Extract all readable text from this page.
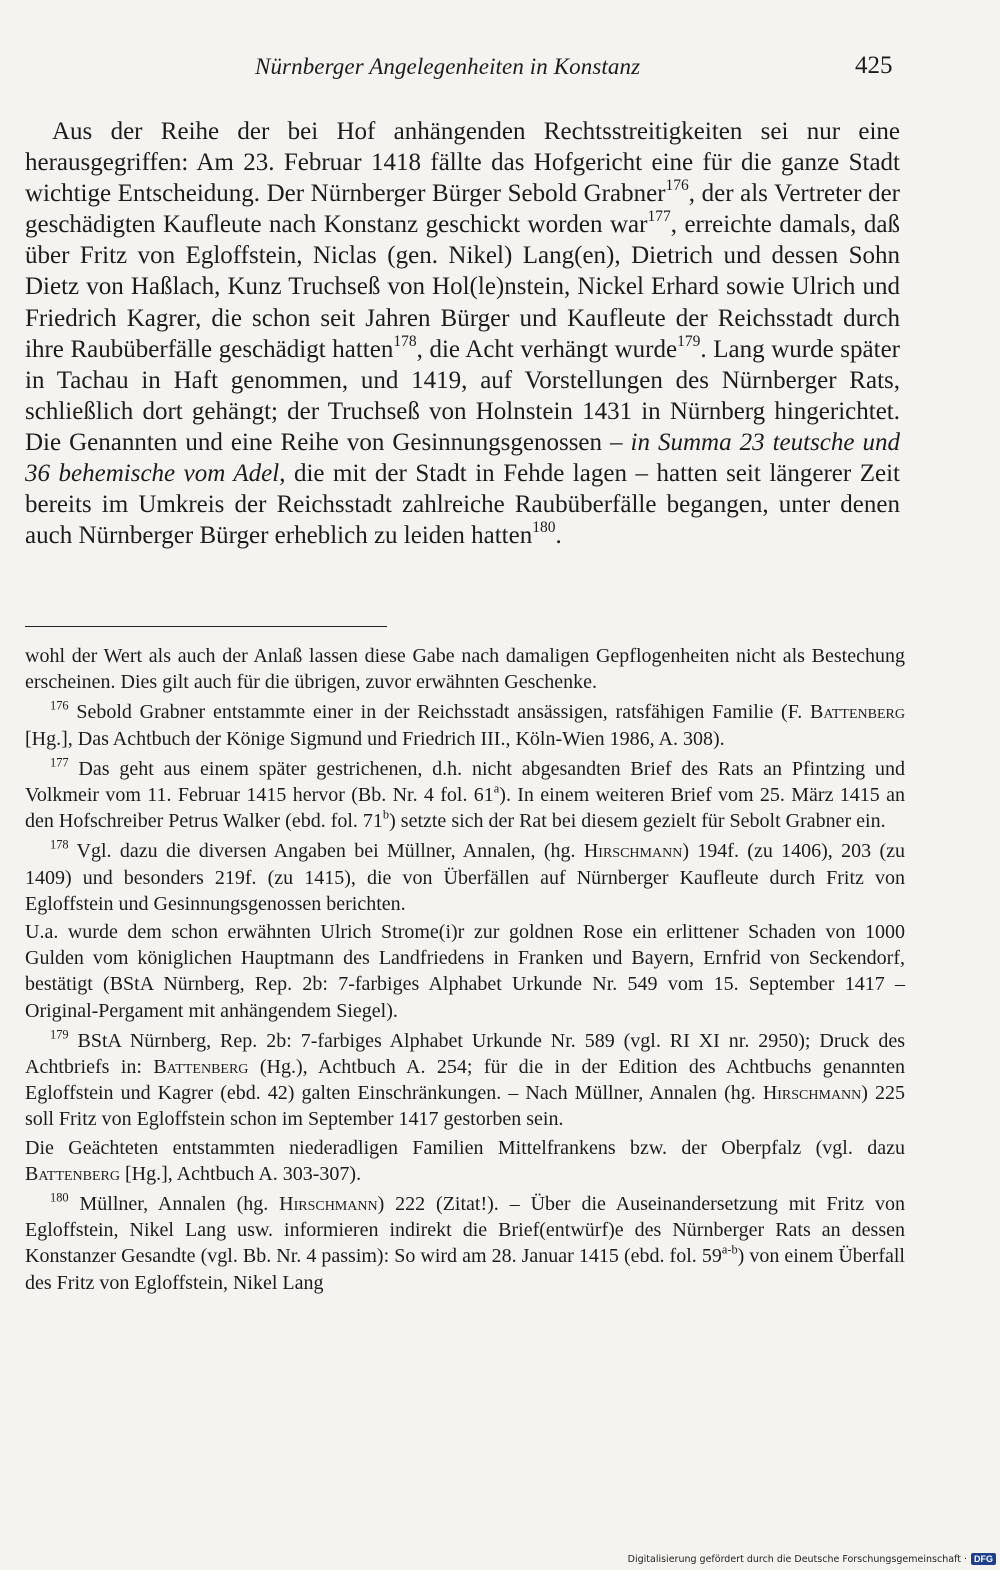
Nürnberger Angelegenheiten in Konstanz	425

Aus der Reihe der bei Hof anhängenden Rechtsstreitigkeiten sei nur eine herausgegriffen: Am 23. Februar 1418 fällte das Hofgericht eine für die ganze Stadt wichtige Entscheidung. Der Nürnberger Bürger Sebold Grabner$^{176}$, der als Vertreter der geschädigten Kaufleute nach Konstanz geschickt worden war$^{177}$, erreichte damals, daß über Fritz von Egloffstein, Niclas (gen. Nikel) Lang(en), Dietrich und dessen Sohn Dietz von Haßlach, Kunz Truchseß von Hol(le)nstein, Nickel Erhard sowie Ulrich und Friedrich Kagrer, die schon seit Jahren Bürger und Kaufleute der Reichsstadt durch ihre Raubüberfälle geschädigt hatten$^{178}$, die Acht verhängt wurde$^{179}$. Lang wurde später in Tachau in Haft genommen, und 1419, auf Vorstellungen des Nürnberger Rats, schließlich dort gehängt; der Truchseß von Holnstein 1431 in Nürnberg hingerichtet. Die Genannten und eine Reihe von Gesinnungsgenossen – in Summa 23 teutsche und 36 behemische vom Adel, die mit der Stadt in Fehde lagen – hatten seit längerer Zeit bereits im Umkreis der Reichsstadt zahlreiche Raubüberfälle begangen, unter denen auch Nürnberger Bürger erheblich zu leiden hatten$^{180}$.

wohl der Wert als auch der Anlaß lassen diese Gabe nach damaligen Gepflogenheiten nicht als Bestechung erscheinen. Dies gilt auch für die übrigen, zuvor erwähnten Geschenke.

$^{176}$ Sebold Grabner entstammte einer in der Reichsstadt ansässigen, ratsfähigen Familie (F. Battenberg [Hg.], Das Achtbuch der Könige Sigmund und Friedrich III., Köln-Wien 1986, A. 308).

$^{177}$ Das geht aus einem später gestrichenen, d.h. nicht abgesandten Brief des Rats an Pfintzing und Volkmeir vom 11. Februar 1415 hervor (Bb. Nr. 4 fol. 61$^a$). In einem weiteren Brief vom 25. März 1415 an den Hofschreiber Petrus Walker (ebd. fol. 71$^b$) setzte sich der Rat bei diesem gezielt für Sebolt Grabner ein.

$^{178}$ Vgl. dazu die diversen Angaben bei Müllner, Annalen, (hg. Hirschmann) 194f. (zu 1406), 203 (zu 1409) und besonders 219f. (zu 1415), die von Überfällen auf Nürnberger Kaufleute durch Fritz von Egloffstein und Gesinnungsgenossen berichten.

U.a. wurde dem schon erwähnten Ulrich Strome(i)r zur goldnen Rose ein erlittener Schaden von 1000 Gulden vom königlichen Hauptmann des Landfriedens in Franken und Bayern, Ernfrid von Seckendorf, bestätigt (BStA Nürnberg, Rep. 2b: 7-farbiges Alphabet Urkunde Nr. 549 vom 15. September 1417 – Original-Pergament mit anhängendem Siegel).

$^{179}$ BStA Nürnberg, Rep. 2b: 7-farbiges Alphabet Urkunde Nr. 589 (vgl. RI XI nr. 2950); Druck des Achtbriefs in: Battenberg (Hg.), Achtbuch A. 254; für die in der Edition des Achtbuchs genannten Egloffstein und Kagrer (ebd. 42) galten Einschränkungen. – Nach Müllner, Annalen (hg. Hirschmann) 225 soll Fritz von Egloffstein schon im September 1417 gestorben sein.

Die Geächteten entstammten niederadligen Familien Mittelfrankens bzw. der Oberpfalz (vgl. dazu Battenberg [Hg.], Achtbuch A. 303-307).

$^{180}$ Müllner, Annalen (hg. Hirschmann) 222 (Zitat!). – Über die Auseinandersetzung mit Fritz von Egloffstein, Nikel Lang usw. informieren indirekt die Brief(entwürf)e des Nürnberger Rats an dessen Konstanzer Gesandte (vgl. Bb. Nr. 4 passim): So wird am 28. Januar 1415 (ebd. fol. 59$^{a-b}$) von einem Überfall des Fritz von Egloffstein, Nikel Lang

Digitalisierung gefördert durch die Deutsche Forschungsgemeinschaft · DFG
